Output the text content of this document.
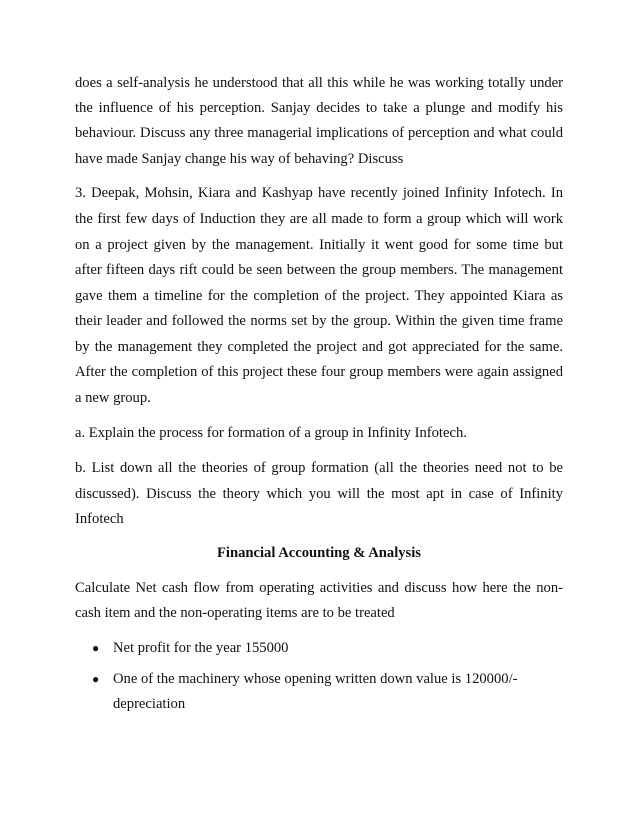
does a self-analysis he understood that all this while he was working totally under
the influence of his perception. Sanjay decides to take a plunge and modify his
behaviour. Discuss any three managerial implications of perception and what could
have made Sanjay change his way of behaving? Discuss
3. Deepak, Mohsin, Kiara and Kashyap have recently joined Infinity Infotech. In
the first few days of Induction they are all made to form a group which will work
on a project given by the management. Initially it went good for some time but
after fifteen days rift could be seen between the group members. The management
gave them a timeline for the completion of the project. They appointed Kiara as
their leader and followed the norms set by the group. Within the given time frame
by the management they completed the project and got appreciated for the same.
After the completion of this project these four group members were again assigned
a new group.
a. Explain the process for formation of a group in Infinity Infotech.
b. List down all the theories of group formation (all the theories need not to be
discussed). Discuss the theory which you will the most apt in case of Infinity
Infotech
Financial Accounting & Analysis
Calculate Net cash flow from operating activities and discuss how here the non-
cash item and the non-operating items are to be treated
● Net profit for the year 155000
● One of the machinery whose opening written down value is 120000/-
depreciation
